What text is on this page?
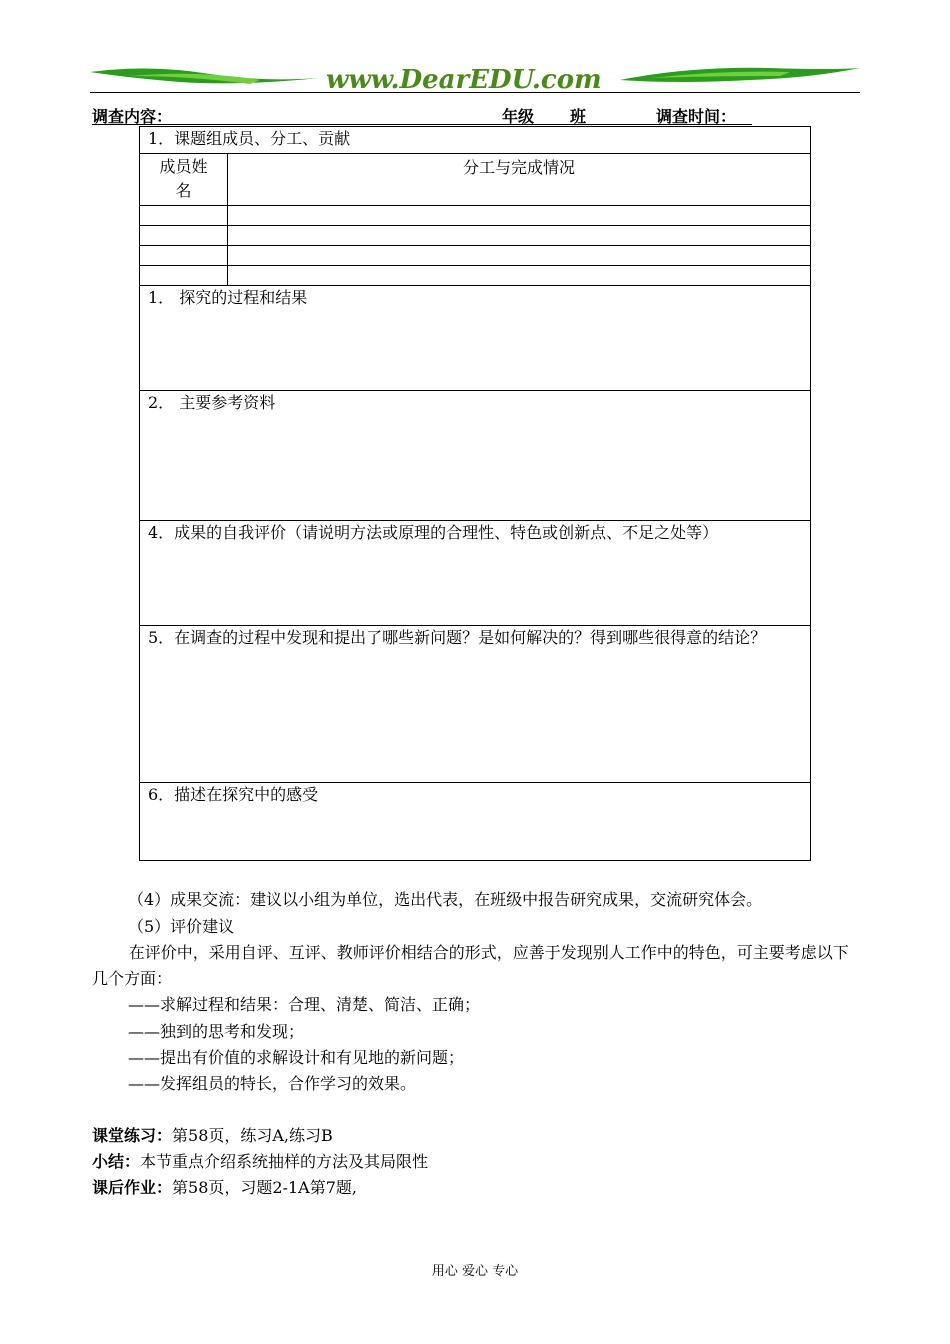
www.DearEDU.com
调查内容：	年级 班	调查时间：
1．课题组成员、分工、贡献	
成员姓名	分工与完成情况

1． 探究的过程和结果	
2． 主要参考资料	
4．成果的自我评价（请说明方法或原理的合理性、特色或创新点、不足之处等）	
5．在调查的过程中发现和提出了哪些新问题？是如何解决的？得到哪些很得意的结论？	
6．描述在探究中的感受	
（4）成果交流：建议以小组为单位，选出代表，在班级中报告研究成果，交流研究体会。
（5）评价建议
在评价中，采用自评、互评、教师评价相结合的形式，应善于发现别人工作中的特色，可主要考虑以下几个方面：
——求解过程和结果：合理、清楚、简洁、正确；
——独到的思考和发现；
——提出有价值的求解设计和有见地的新问题；
——发挥组员的特长，合作学习的效果。
课堂练习：第58页，练习A,练习B
小结：本节重点介绍系统抽样的方法及其局限性
课后作业：第58页，习题2-1A第7题,
用心 爱心 专心
